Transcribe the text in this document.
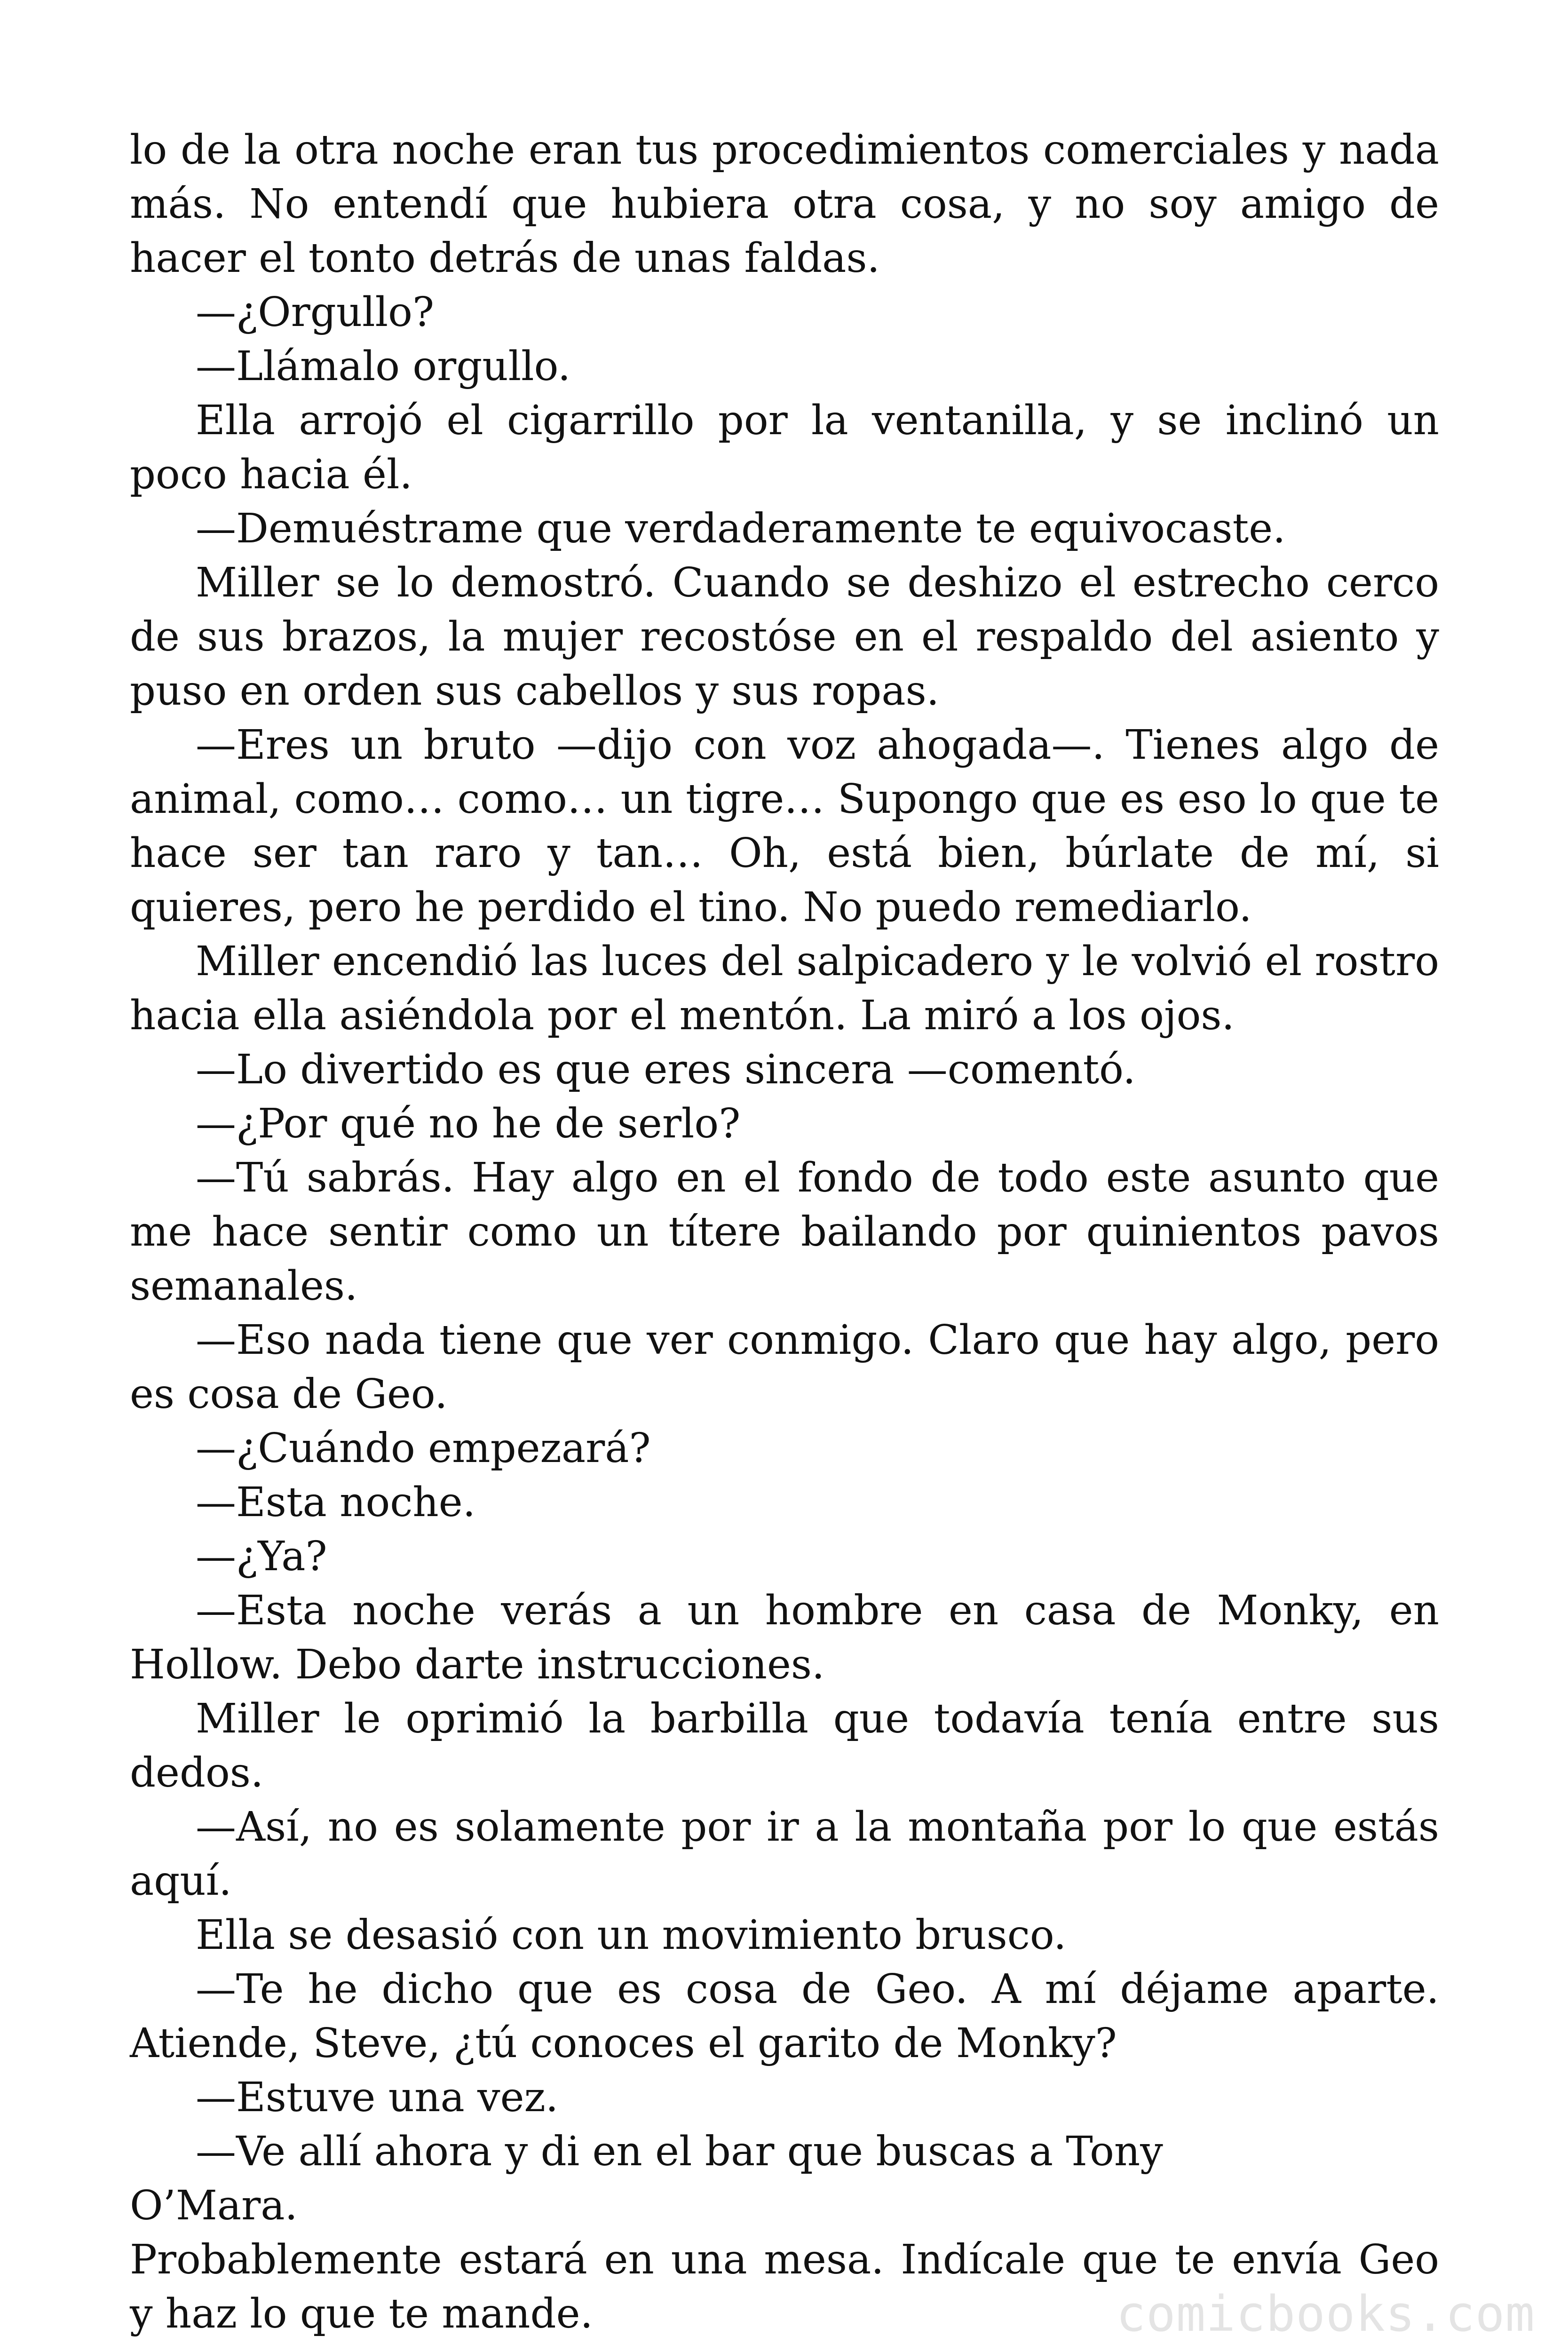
lo de la otra noche eran tus procedimientos comerciales y nada más. No entendí que hubiera otra cosa, y no soy amigo de hacer el tonto detrás de unas faldas.

—¿Orgullo?

—Llámalo orgullo.

Ella arrojó el cigarrillo por la ventanilla, y se inclinó un poco hacia él.

—Demuéstrame que verdaderamente te equivocaste.

Miller se lo demostró. Cuando se deshizo el estrecho cerco de sus brazos, la mujer recostóse en el respaldo del asiento y puso en orden sus cabellos y sus ropas.

—Eres un bruto —dijo con voz ahogada—. Tienes algo de animal, como… como… un tigre… Supongo que es eso lo que te hace ser tan raro y tan… Oh, está bien, búrlate de mí, si quieres, pero he perdido el tino. No puedo remediarlo.

Miller encendió las luces del salpicadero y le volvió el rostro hacia ella asiéndola por el mentón. La miró a los ojos.

—Lo divertido es que eres sincera —comentó.

—¿Por qué no he de serlo?

—Tú sabrás. Hay algo en el fondo de todo este asunto que me hace sentir como un títere bailando por quinientos pavos semanales.

—Eso nada tiene que ver conmigo. Claro que hay algo, pero es cosa de Geo.

—¿Cuándo empezará?

—Esta noche.

—¿Ya?

—Esta noche verás a un hombre en casa de Monky, en Hollow. Debo darte instrucciones.

Miller le oprimió la barbilla que todavía tenía entre sus dedos.

—Así, no es solamente por ir a la montaña por lo que estás aquí.

Ella se desasió con un movimiento brusco.

—Te he dicho que es cosa de Geo. A mí déjame aparte. Atiende, Steve, ¿tú conoces el garito de Monky?

—Estuve una vez.

—Ve allí ahora y di en el bar que buscas a Tony

O’Mara.

Probablemente estará en una mesa. Indícale que te envía Geo y haz lo que te mande.	comicbooks.com
